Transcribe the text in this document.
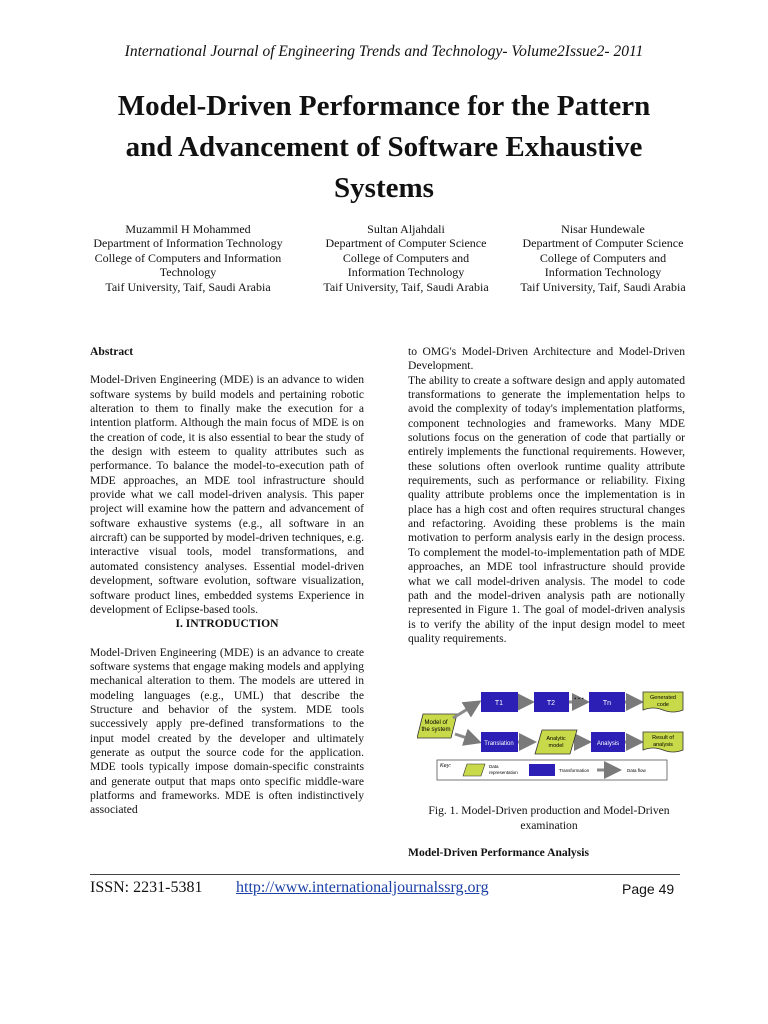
International Journal of Engineering Trends and Technology- Volume2Issue2- 2011
Model-Driven Performance for the Pattern
and Advancement of Software Exhaustive
Systems
Muzammil H Mohammed
Department of Information Technology
College of Computers and Information
Technology
Taif University, Taif, Saudi Arabia
Sultan Aljahdali
Department of Computer Science
College of Computers and
Information Technology
Taif University, Taif, Saudi Arabia
Nisar Hundewale
Department of Computer Science
College of Computers and
Information Technology
Taif University, Taif, Saudi Arabia

Abstract

Model-Driven Engineering (MDE) is an advance to widen software systems by build models and pertaining robotic alteration to them to finally make the execution for a intention platform. Although the main focus of MDE is on the creation of code, it is also essential to bear the study of the design with esteem to quality attributes such as performance. To balance the model-to-execution path of MDE approaches, an MDE tool infrastructure should provide what we call model-driven analysis. This paper project will examine how the pattern and advancement of software exhaustive systems (e.g., all software in an aircraft) can be supported by model-driven techniques, e.g. interactive visual tools, model transformations, and automated consistency analyses. Essential model-driven development, software evolution, software visualization, software product lines, embedded systems Experience in development of Eclipse-based tools.

I. INTRODUCTION

Model-Driven Engineering (MDE) is an advance to create software systems that engage making models and applying mechanical alteration to them. The models are uttered in modeling languages (e.g., UML) that describe the Structure and behavior of the system. MDE tools successively apply pre-defined transformations to the input model created by the developer and ultimately generate as output the source code for the application. MDE tools typically impose domain-specific constraints and generate output that maps onto specific middle-ware platforms and frameworks. MDE is often indistinctively associated

to OMG's Model-Driven Architecture and Model-Driven Development.

The ability to create a software design and apply automated transformations to generate the implementation helps to avoid the complexity of today's implementation platforms, component technologies and frameworks. Many MDE solutions focus on the generation of code that partially or entirely implements the functional requirements. However, these solutions often overlook runtime quality attribute requirements, such as performance or reliability. Fixing quality attribute problems once the implementation is in place has a high cost and often requires structural changes and refactoring. Avoiding these problems is the main motivation to perform analysis early in the design process. To complement the model-to-implementation path of MDE approaches, an MDE tool infrastructure should provide what we call model-driven analysis. The model to code path and the model-driven analysis path are notionally represented in Figure 1. The goal of model-driven analysis is to verify the ability of the input design model to meet quality requirements.

Model of
the system
T1	T2
…
Tn
Generated
code
Translation
Analytic
model	Analysis
Result of
analysis
Key:	Data
representation	Transformation	Data flow
Fig. 1. Model-Driven production and Model-Driven
examination
Model-Driven Performance Analysis
ISSN: 2231-5381 http://www.internationaljournalssrg.org	Page 49
